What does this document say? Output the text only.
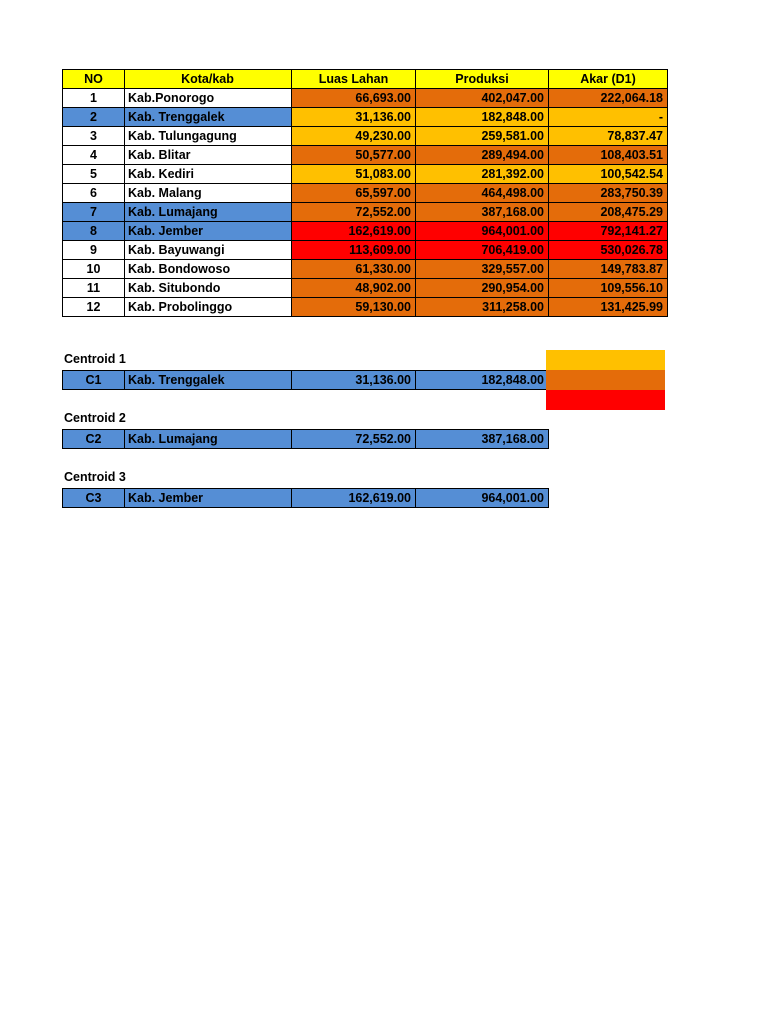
NO	Kota/kab	Luas Lahan	Produksi	Akar (D1)
1	Kab.Ponorogo	66,693.00	402,047.00	222,064.18
2	Kab. Trenggalek	31,136.00	182,848.00	-
3	Kab. Tulungagung	49,230.00	259,581.00	78,837.47
4	Kab. Blitar	50,577.00	289,494.00	108,403.51
5	Kab. Kediri	51,083.00	281,392.00	100,542.54
6	Kab. Malang	65,597.00	464,498.00	283,750.39
7	Kab. Lumajang	72,552.00	387,168.00	208,475.29
8	Kab. Jember	162,619.00	964,001.00	792,141.27
9	Kab. Bayuwangi	113,609.00	706,419.00	530,026.78
10	Kab. Bondowoso	61,330.00	329,557.00	149,783.87
11	Kab. Situbondo	48,902.00	290,954.00	109,556.10
12	Kab. Probolinggo	59,130.00	311,258.00	131,425.99
Centroid 1
C1	Kab. Trenggalek	31,136.00	182,848.00
Centroid 2
C2	Kab. Lumajang	72,552.00	387,168.00
Centroid 3
C3	Kab. Jember	162,619.00	964,001.00
